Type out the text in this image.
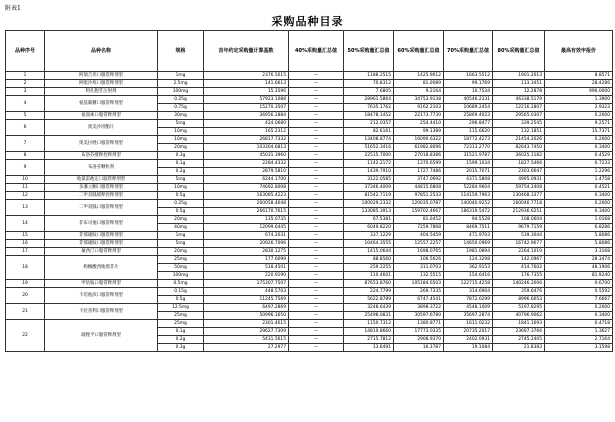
附表1
采购品种目录
品种序号	品种名称	规格	首年约定采购量计算基数	40%采购量汇总值	50%采购量汇总值	60%采购量汇总值	70%采购量汇总值	80%采购量汇总值	最高有效申报价
1	阿瑞吉坦口服常释剂型	1mg	2376.5015	—	1188.2515	1425.9012	1663.5512	1901.2013	8.8571
2	阿哌沙班口服常释剂型	2.5mg	141.6613	—	70.8312	81.0089	99.1769	113.3451	28.4286
3	阿扎胞苷注射剂	100mg	15.3596	—	7.6805	9.2164	10.7534	12.2878	996.0000
4	氨基葡糖口服常释剂型	0.25g	57923.1088	—	28961.5864	34753.9138	40546.2331	46338.5179	1.3900
		0.75g	15270.3507	—	7635.1762	9162.2103	10689.2454	12216.2807	2.9323
5	氨溴索口服常释剂型	30mg	36956.2884	—	18478.1452	22173.7730	25869.4023	29565.0307	0.2000
6	奥美沙坦酯片	5mg	424.0680	—	212.0357	254.4410	296.8477	339.2545	9.2571
		10mg	165.2312	—	82.6161	99.1389	115.6620	132.1851	15.7371
7	奥美拉唑口服常释剂型	10mg	26817.7332	—	13408.8774	16090.6322	18772.4273	21454.2026	0.2000
		20mg	103304.6813	—	51652.3416	61982.8096	72313.2770	82643.7450	0.3400
8	布洛芬缓释控释剂型	0.3g	45031.3960	—	22515.7000	27018.8386	31521.9787	36025.1182	0.4529
9	布洛芬颗粒剂	0.1g	2284.4332	—	1142.2172	1370.6599	1599.1034	1827.5466	0.7233
		0.2g	2879.5810	—	1439.7910	1727.7486	2015.7071	2303.6647	1.2296
10	地氯雷他定口服常释剂型	5mg	6244.1700	—	3122.0585	3747.0692	4371.5808	4995.0931	1.4758
11	多潘立酮口服常释剂型	10mg	74692.8008	—	37346.4009	44815.6808	52284.9604	59754.2408	0.4521
12	二甲双胍缓释控释剂型	0.5g	163085.4223	—	81542.7119	97851.2533	114159.7963	130468.3377	0.3400
13	二甲双胍口服常释剂型	0.25g	200058.4648	—	100029.2332	120035.0787	140040.9252	160046.7718	0.2000
		0.5g	266170.7615	—	133085.3913	159702.4667	186319.5472	212936.6251	0.3400
14	非布司他口服常释剂型	20mg	135.0735	—	67.5381	81.0452	94.5528	108.0604	1.0168
		40mg	12099.6445	—	6049.8220	7259.7868	8469.7511	9679.7159	6.8286
15	非那雄胺口服常释剂型	1mg	674.2031	—	337.1229	404.5459	471.9703	539.3044	5.8086
16	非那雄胺口服常释剂型	5mg	20926.7096	—	10464.3555	12557.2257	14650.0969	16742.9677	5.8086
17	氟西汀口服常释剂型	20mg	2830.1275	—	1415.0644	1698.0765	1981.0894	2264.1019	3.3168
18	枸橼酸西地那非片	25mg	177.6099	—	88.8560	106.5626	124.3298	142.0967	28.3474
		50mg	518.4501	—	259.2255	311.0703	362.9153	414.7602	48.1906
		100mg	220.9190	—	110.4601	132.5515	154.6416	176.7355	81.9240
19	甲钴胺口服常释剂型	0.5mg	175307.7507	—	87653.8760	105184.6503	122715.4258	140246.2006	0.6700
20	卡培他滨口服常释剂型	0.15g	448.5703	—	224.7799	269.7335	314.6904	359.6476	0.5592
		0.5g	11245.7569	—	5622.8789	6747.4541	7872.0299	8996.6053	7.6667
21	卡托普利口服常释剂型	12.5mg	6497.2869	—	3248.6439	3898.3722	4548.1009	5197.8295	0.2000
		25mg	50996.1650	—	25498.0831	30597.6780	35697.2874	40796.9062	0.3400
22	硫唑平口服常释剂型	25mg	2301.4615	—	1150.7312	1380.8771	1611.0232	1841.1693	0.4718
		0.1g	29627.7309	—	14810.8660	17773.0335	20735.2017	23697.3766	1.3627
		0.2g	5431.5615	—	2715.7812	2908.9370	2402.0931	2745.2405	2.7164
		0.3g	27.2977	—	13.6491	16.3787	19.1084	21.8383	3.1598
